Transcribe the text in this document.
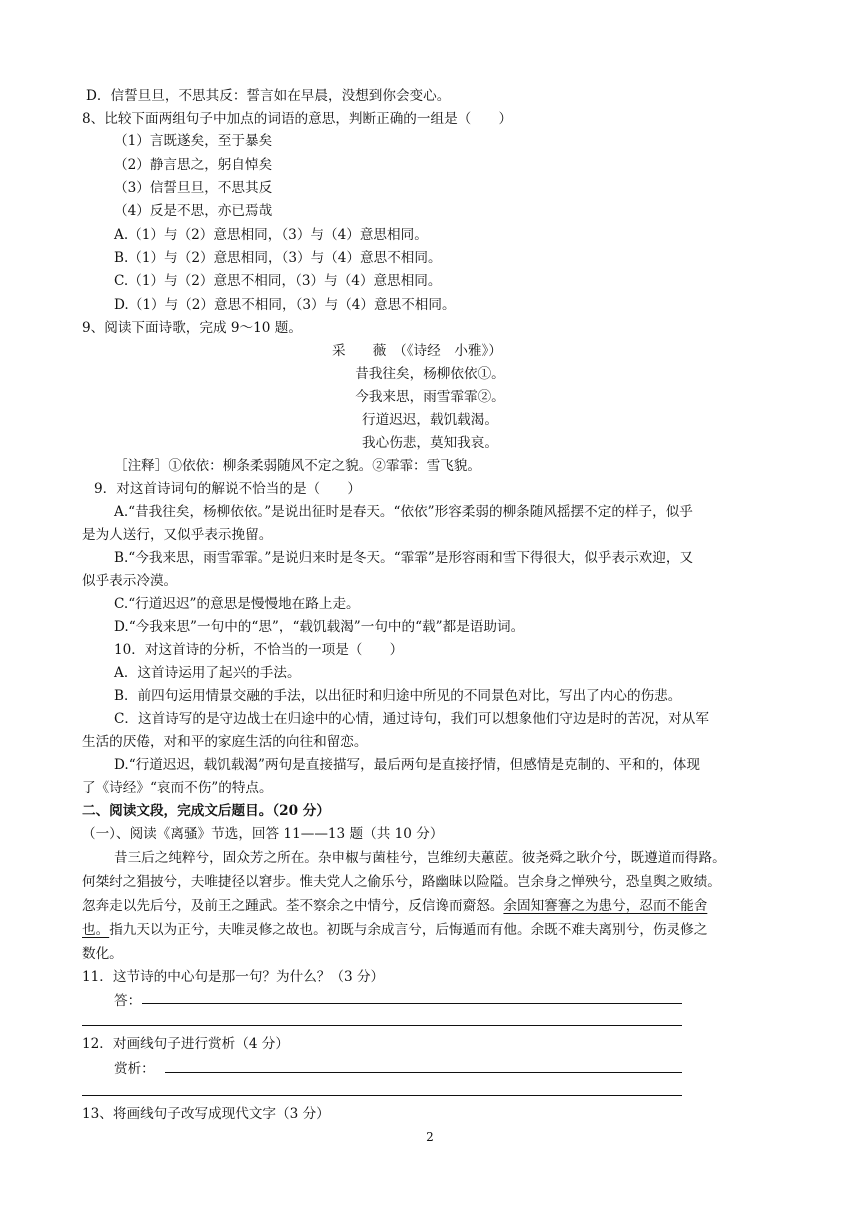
D．信誓旦旦，不思其反：誓言如在早晨，没想到你会变心。
8、比较下面两组句子中加点的词语的意思，判断正确的一组是（　　）
（1）言既遂矣，至于暴矣
（2）静言思之，躬自悼矣
（3）信誓旦旦，不思其反
（4）反是不思，亦已焉哉
A.（1）与（2）意思相同，（3）与（4）意思相同。
B.（1）与（2）意思相同，（3）与（4）意思不相同。
C.（1）与（2）意思不相同，（3）与（4）意思相同。
D.（1）与（2）意思不相同，（3）与（4）意思不相同。
9、阅读下面诗歌，完成 9～10 题。
采　　薇　（《诗经　小雅》）
昔我往矣，杨柳依依①。
今我来思，雨雪霏霏②。
行道迟迟，载饥载渴。
我心伤悲，莫知我哀。
［注释］①依依：柳条柔弱随风不定之貌。②霏霏：雪飞貌。
9．对这首诗词句的解说不恰当的是（　　）
A.“昔我往矣，杨柳依依。”是说出征时是春天。“依依”形容柔弱的柳条随风摇摆不定的样子，似乎
是为人送行，又似乎表示挽留。
B.“今我来思，雨雪霏霏。”是说归来时是冬天。“霏霏”是形容雨和雪下得很大，似乎表示欢迎，又
似乎表示冷漠。
C.“行道迟迟”的意思是慢慢地在路上走。
D.“今我来思”一句中的“思”，“载饥载渴”一句中的“载”都是语助词。
10．对这首诗的分析，不恰当的一项是（　　）
A．这首诗运用了起兴的手法。
B．前四句运用情景交融的手法，以出征时和归途中所见的不同景色对比，写出了内心的伤悲。
C．这首诗写的是守边战士在归途中的心情，通过诗句，我们可以想象他们守边是时的苦况，对从军
生活的厌倦，对和平的家庭生活的向往和留恋。
D.“行道迟迟，载饥载渴”两句是直接描写，最后两句是直接抒情，但感情是克制的、平和的，体现
了《诗经》“哀而不伤”的特点。
二、阅读文段，完成文后题目。（20 分）
（一）、阅读《离骚》节选，回答 11——13 题（共 10 分）
昔三后之纯粹兮，固众芳之所在。杂申椒与菌桂兮，岂维纫夫蕙茝。彼尧舜之耿介兮，既遵道而得路。
何桀纣之猖披兮，夫唯捷径以窘步。惟夫党人之偷乐兮，路幽昧以险隘。岂余身之惮殃兮，恐皇舆之败绩。
忽奔走以先后兮，及前王之踵武。荃不察余之中情兮，反信谗而齌怒。余固知謇謇之为患兮，忍而不能舍
也。指九天以为正兮，夫唯灵修之故也。初既与余成言兮，后悔遁而有他。余既不难夫离别兮，伤灵修之
数化。
11．这节诗的中心句是那一句？为什么？（3 分）
答：
12．对画线句子进行赏析（4 分）
赏析：
13、将画线句子改写成现代文字（3 分）
2
